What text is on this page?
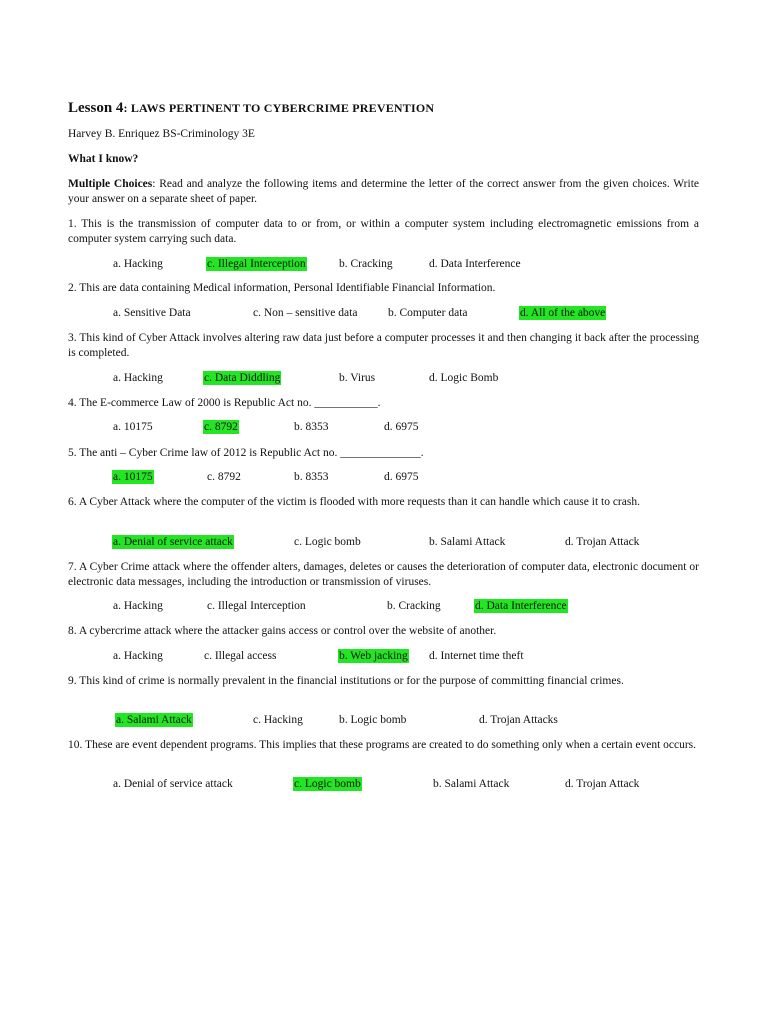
Lesson 4: LAWS PERTINENT TO CYBERCRIME PREVENTION
Harvey B. Enriquez BS-Criminology 3E
What I know?
Multiple Choices: Read and analyze the following items and determine the letter of the correct answer from the given choices. Write your answer on a separate sheet of paper.
1. This is the transmission of computer data to or from, or within a computer system including electromagnetic emissions from a computer system carrying such data.
a. Hacking	c. Illegal Interception	b. Cracking	d. Data Interference
2. This are data containing Medical information, Personal Identifiable Financial Information.
a. Sensitive Data	c. Non – sensitive data	b. Computer data	d. All of the above
3. This kind of Cyber Attack involves altering raw data just before a computer processes it and then changing it back after the processing is completed.
a. Hacking	c. Data Diddling	b. Virus	d. Logic Bomb
4. The E-commerce Law of 2000 is Republic Act no. ___________.
a. 10175	c. 8792	b. 8353	d. 6975
5. The anti – Cyber Crime law of 2012 is Republic Act no. ______________.
a. 10175	c. 8792	b. 8353	d. 6975
6. A Cyber Attack where the computer of the victim is flooded with more requests than it can handle which cause it to crash.
a. Denial of service attack	c. Logic bomb	b. Salami Attack	d. Trojan Attack
7. A Cyber Crime attack where the offender alters, damages, deletes or causes the deterioration of computer data, electronic document or electronic data messages, including the introduction or transmission of viruses.
a. Hacking	c. Illegal Interception	b. Cracking	d. Data Interference
8. A cybercrime attack where the attacker gains access or control over the website of another.
a. Hacking	c. Illegal access	b. Web jacking d. Internet time theft
9. This kind of crime is normally prevalent in the financial institutions or for the purpose of committing financial crimes.
a. Salami Attack	c. Hacking	b. Logic bomb	d. Trojan Attacks
10. These are event dependent programs. This implies that these programs are created to do something only when a certain event occurs.
a. Denial of service attack	c. Logic bomb	b. Salami Attack	d. Trojan Attack
